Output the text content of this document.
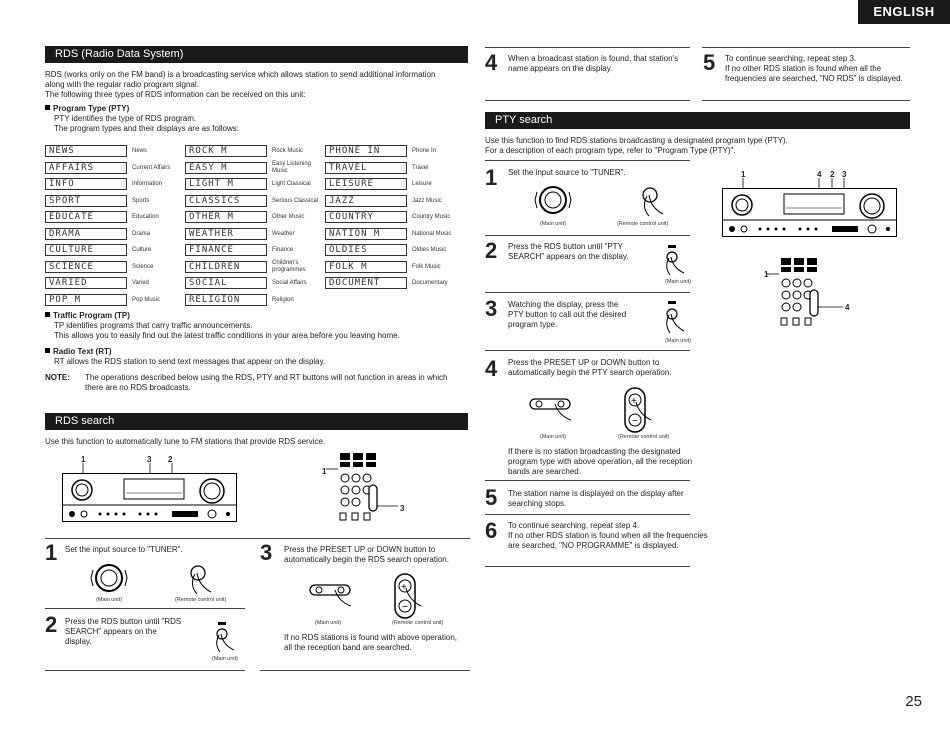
ENGLISH
RDS (Radio Data System)
RDS (works only on the FM band) is a broadcasting service which allows station to send additional information
along with the regular radio program signal.
The following three types of RDS information can be received on this unit:
Program Type (PTY)
PTY identifies the type of RDS program.
The program types and their displays are as follows:
NEWS	News	ROCK M	Rock Music	PHONE IN	Phone In
AFFAIRS	Current Affairs	EASY M	Easy Listening Music	TRAVEL	Travel
INFO	Information	LIGHT M	Light Classical	LEISURE	Leisure
SPORT	Sports	CLASSICS	Serious Classical	JAZZ	Jazz Music
EDUCATE	Education	OTHER M	Other Music	COUNTRY	Country Music
DRAMA	Drama	WEATHER	Weather	NATION M	National Music
CULTURE	Culture	FINANCE	Finance	OLDIES	Oldies Music
SCIENCE	Science	CHILDREN	Children's programmes	FOLK M	Folk Music
VARIED	Varied	SOCIAL	Social Affairs	DOCUMENT	Documentary
POP M	Pop Music	RELIGION	Religion
Traffic Program (TP)
TP identifies programs that carry traffic announcements.
This allows you to easily find out the latest traffic conditions in your area before you leaving home.
Radio Text (RT)
RT allows the RDS station to send text messages that appear on the display.
NOTE: The operations described below using the RDS, PTY and RT buttons will not function in areas in which
there are no RDS broadcasts.
RDS search
Use this function to automatically tune to FM stations that provide RDS service.
1	3 2
1
3
1 Set the input source to "TUNER".
(Main unit)	(Remote control unit)
2 Press the RDS button until "RDS
SEARCH" appears on the
display.
(Main unit)
3 Press the PRESET UP or DOWN button to
automatically begin the RDS search operation.
+
−
(Main unit)	(Remote control unit)
If no RDS stations is found with above operation,
all the reception band are searched.
4 When a broadcast station is found, that station's
name appears on the display.	5 To continue searching, repeat step 3.
If no other RDS station is found when all the
frequencies are searched, "NO RDS" is displayed.
PTY search
Use this function to find RDS stations broadcasting a designated program type (PTY).
For a description of each program type, refer to "Program Type (PTY)".
1 Set the input source to "TUNER".
(Main unit)	(Remote control unit)
2 Press the RDS button until "PTY
SEARCH" appears on the display.
(Main unit)
3 Watching the display, press the
PTY button to call out the desired
program type.
(Main unit)
4 Press the PRESET UP or DOWN button to
automatically begin the PTY search operation.
+
−
(Main unit)	(Remote control unit)
If there is no station broadcasting the designated
program type with above operation, all the reception
bands are searched.
5 The station name is displayed on the display after
searching stops.
6 To continue searching, repeat step 4.
If no other RDS station is found when all the frequencies
are searched, "NO PROGRAMME" is displayed.
1	4 2 3
1
4
25
